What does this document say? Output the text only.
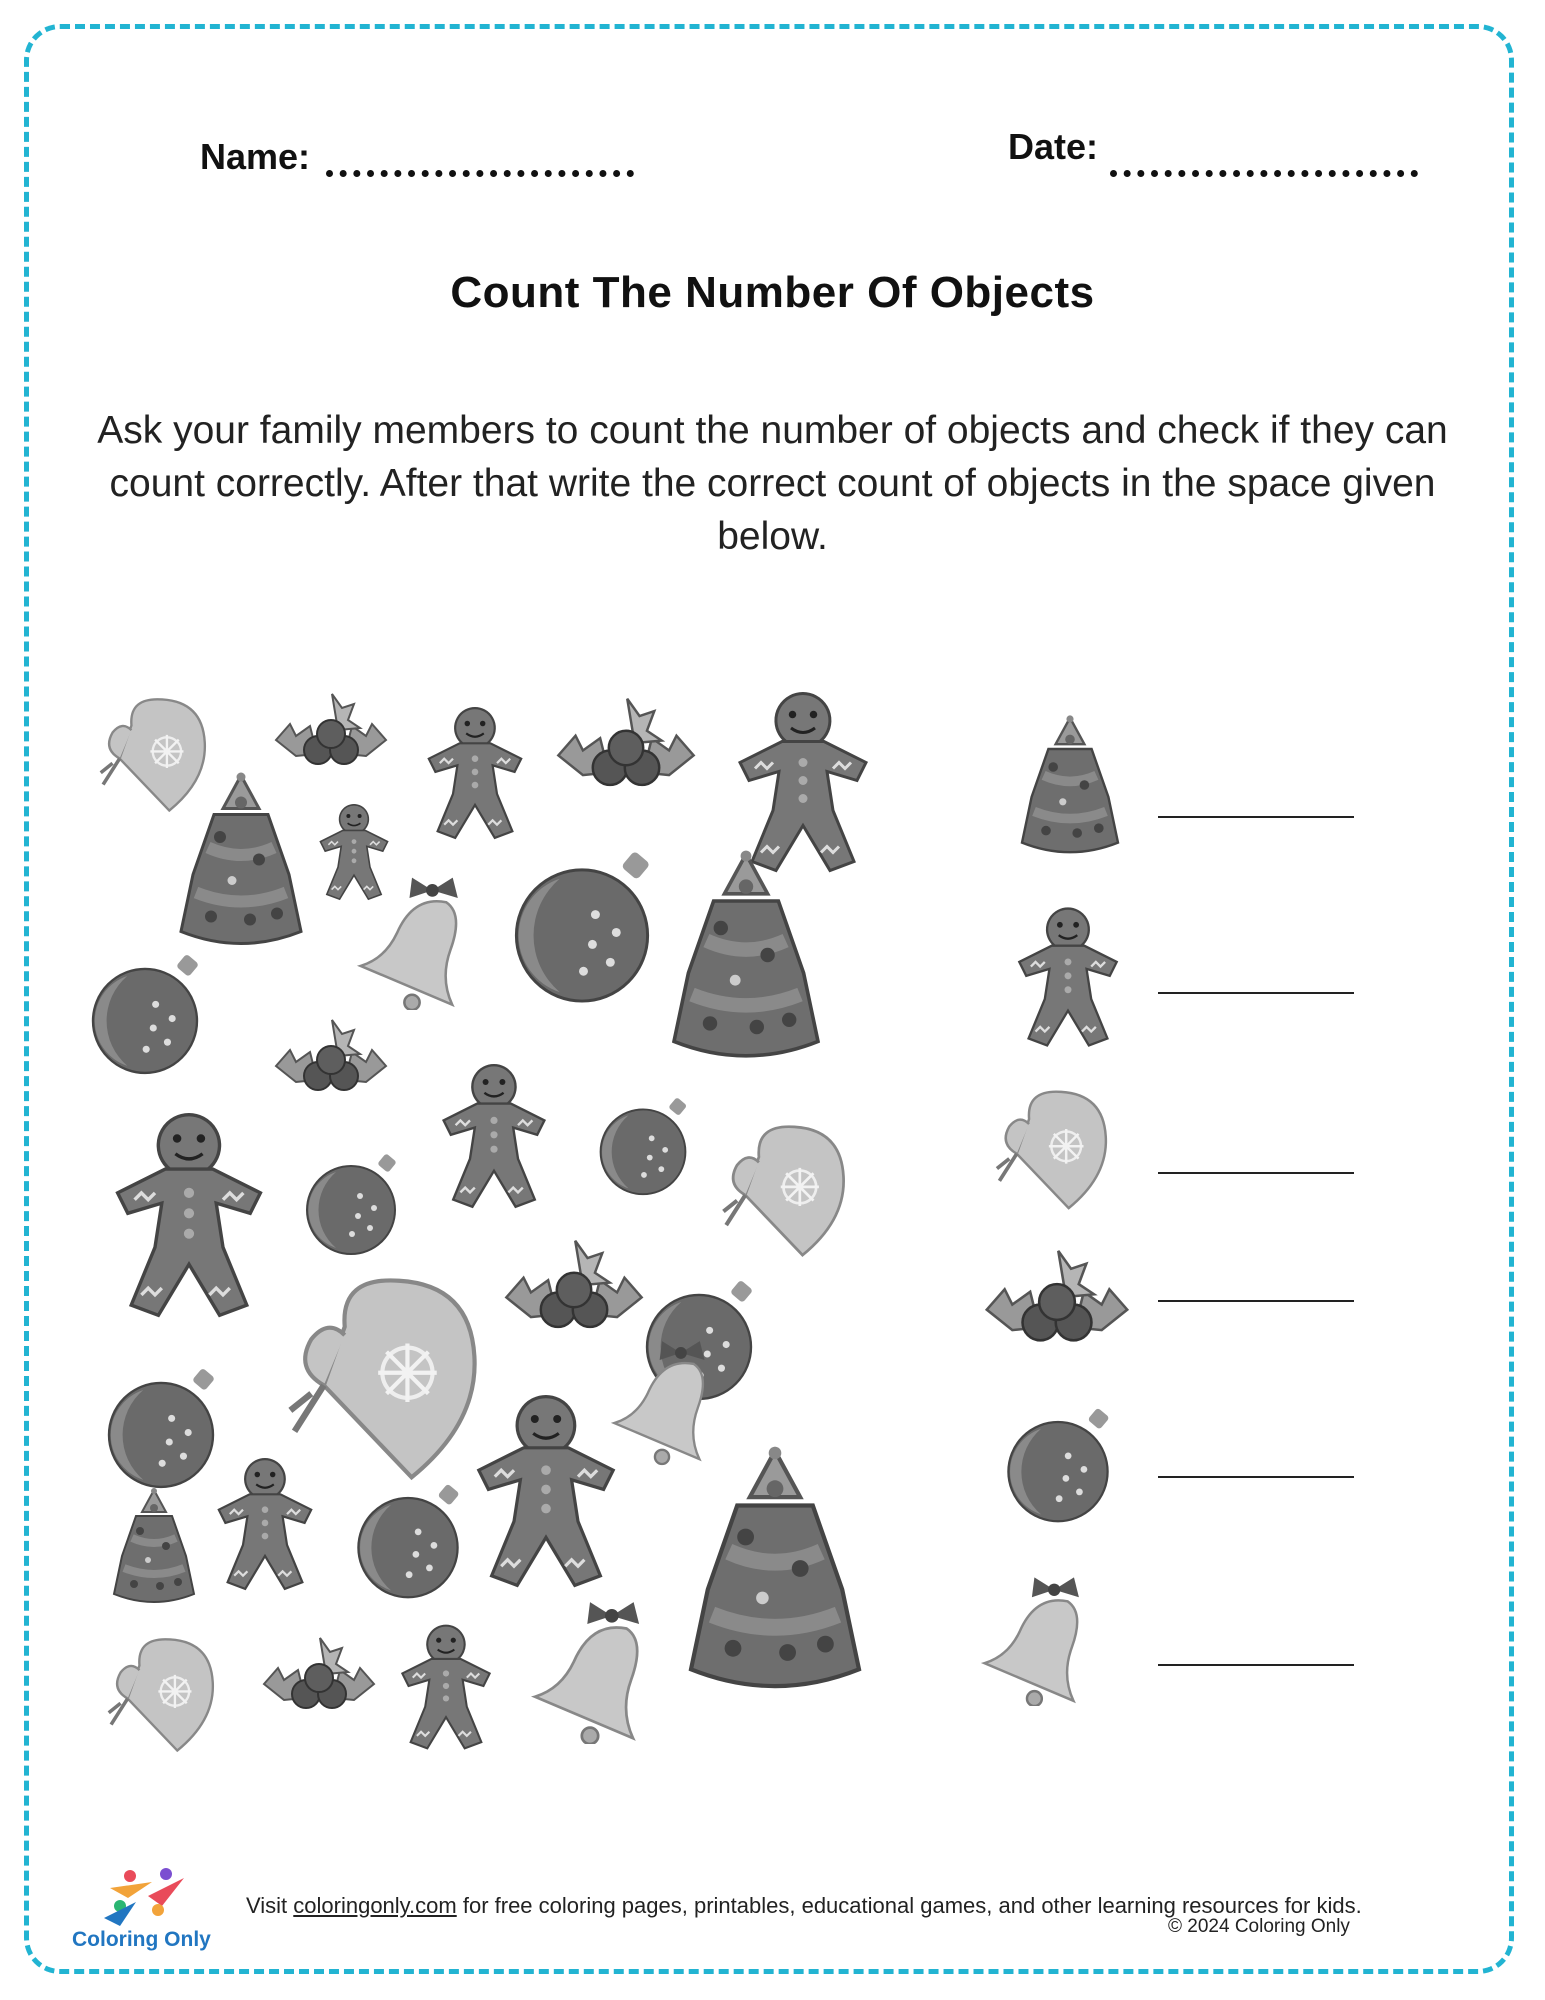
Name:	Date:
Count The Number Of Objects
Ask your family members to count the number of objects and check if they can count correctly. After that write the correct count of objects in the space given below.
Coloring Only
Visit coloringonly.com for free coloring pages, printables, educational games, and other learning resources for kids.
© 2024 Coloring Only
